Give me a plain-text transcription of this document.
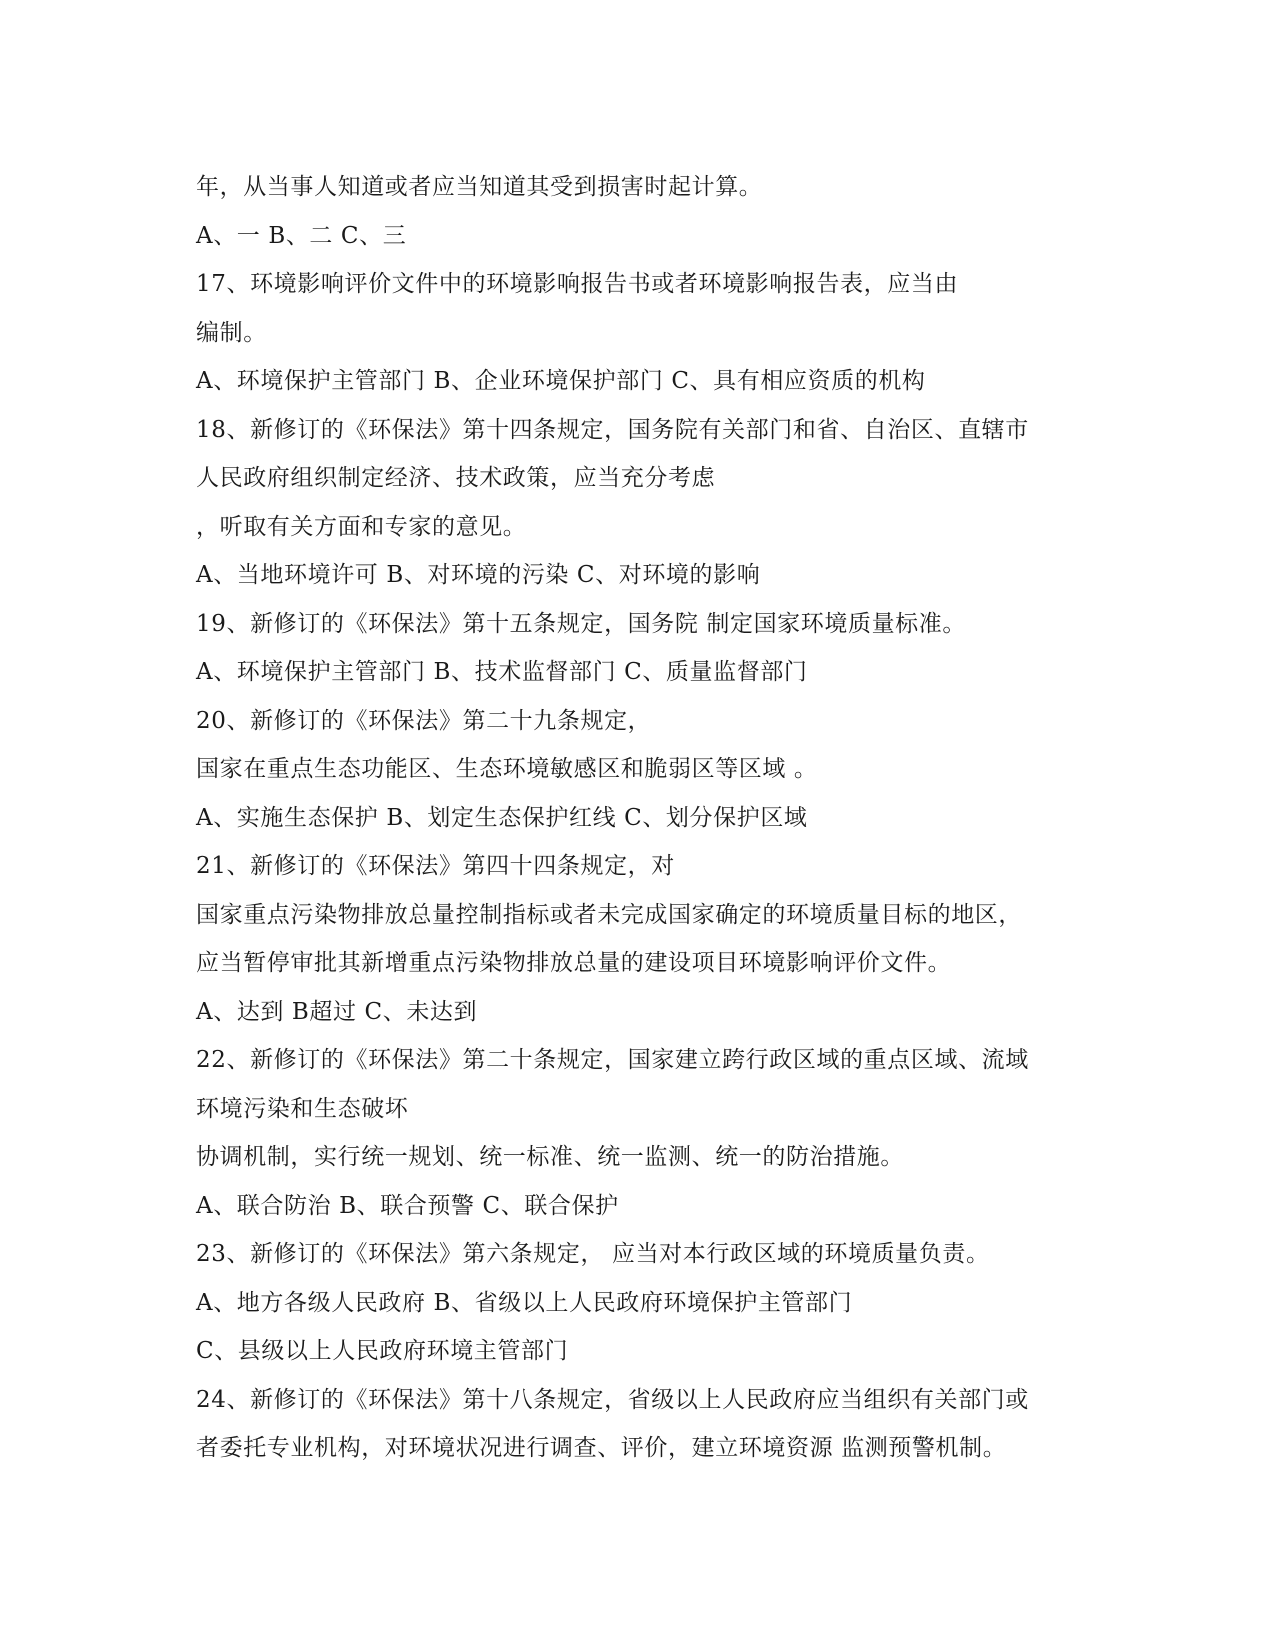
年，从当事人知道或者应当知道其受到损害时起计算。
A、一 B、二 C、三
17、环境影响评价文件中的环境影响报告书或者环境影响报告表，应当由
编制。
A、环境保护主管部门 B、企业环境保护部门 C、具有相应资质的机构
18、新修订的《环保法》第十四条规定，国务院有关部门和省、自治区、直辖市
人民政府组织制定经济、技术政策，应当充分考虑
，听取有关方面和专家的意见。
A、当地环境许可 B、对环境的污染 C、对环境的影响
19、新修订的《环保法》第十五条规定，国务院 制定国家环境质量标准。
A、环境保护主管部门 B、技术监督部门 C、质量监督部门
20、新修订的《环保法》第二十九条规定，
国家在重点生态功能区、生态环境敏感区和脆弱区等区域 。
A、实施生态保护 B、划定生态保护红线 C、划分保护区域
21、新修订的《环保法》第四十四条规定，对
国家重点污染物排放总量控制指标或者未完成国家确定的环境质量目标的地区，
应当暂停审批其新增重点污染物排放总量的建设项目环境影响评价文件。
A、达到 B超过 C、未达到
22、新修订的《环保法》第二十条规定，国家建立跨行政区域的重点区域、流域
环境污染和生态破坏
协调机制，实行统一规划、统一标准、统一监测、统一的防治措施。
A、联合防治 B、联合预警 C、联合保护
23、新修订的《环保法》第六条规定， 应当对本行政区域的环境质量负责。
A、地方各级人民政府 B、省级以上人民政府环境保护主管部门
C、县级以上人民政府环境主管部门
24、新修订的《环保法》第十八条规定，省级以上人民政府应当组织有关部门或
者委托专业机构，对环境状况进行调查、评价，建立环境资源 监测预警机制。
